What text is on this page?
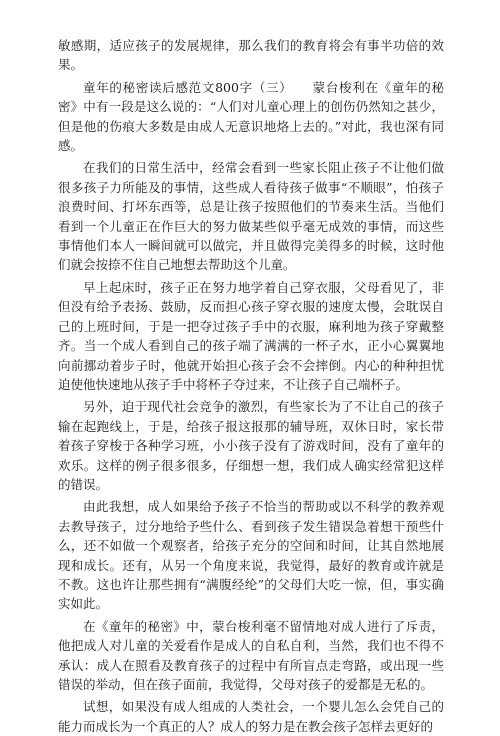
敏感期，适应孩子的发展规律，那么我们的教育将会有事半功倍的效果。

童年的秘密读后感范文800字（三）　　蒙台梭利在《童年的秘密》中有一段是这么说的：“人们对儿童心理上的创伤仍然知之甚少，但是他的伤痕大多数是由成人无意识地烙上去的。”对此，我也深有同感。

在我们的日常生活中，经常会看到一些家长阻止孩子不让他们做很多孩子力所能及的事情，这些成人看待孩子做事“不顺眼”，怕孩子浪费时间、打坏东西等，总是让孩子按照他们的节奏来生活。当他们看到一个儿童正在作巨大的努力做某些似乎毫无成效的事情，而这些事情他们本人一瞬间就可以做完，并且做得完美得多的时候，这时他们就会按捺不住自己地想去帮助这个儿童。

早上起床时，孩子正在努力地学着自己穿衣服，父母看见了，非但没有给予表扬、鼓励，反而担心孩子穿衣服的速度太慢，会耽误自己的上班时间，于是一把夺过孩子手中的衣服，麻利地为孩子穿戴整齐。当一个成人看到自己的孩子端了满满的一杯子水，正小心翼翼地向前挪动着步子时，他就开始担心孩子会不会摔倒。内心的种种担忧迫使他快速地从孩子手中将杯子夺过来，不让孩子自己端杯子。

另外，迫于现代社会竞争的激烈，有些家长为了不让自己的孩子输在起跑线上，于是，给孩子报这报那的辅导班，双休日时，家长带着孩子穿梭于各种学习班，小小孩子没有了游戏时间，没有了童年的欢乐。这样的例子很多很多，仔细想一想，我们成人确实经常犯这样的错误。

由此我想，成人如果给予孩子不恰当的帮助或以不科学的教养观去教导孩子，过分地给予些什么、看到孩子发生错误急着想干预些什么，还不如做一个观察者，给孩子充分的空间和时间，让其自然地展现和成长。还有，从另一个角度来说，我觉得，最好的教育或许就是不教。这也许让那些拥有“满腹经纶”的父母们大吃一惊，但，事实确实如此。

在《童年的秘密》中，蒙台梭利毫不留情地对成人进行了斥责，他把成人对儿童的关爱看作是成人的自私自利，当然，我们也不得不承认：成人在照看及教育孩子的过程中有所盲点走弯路，或出现一些错误的举动，但在孩子面前，我觉得，父母对孩子的爱都是无私的。

试想，如果没有成人组成的人类社会，一个婴儿怎么会凭自己的能力而成长为一个真正的人？成人的努力是在教会孩子怎样去更好的
